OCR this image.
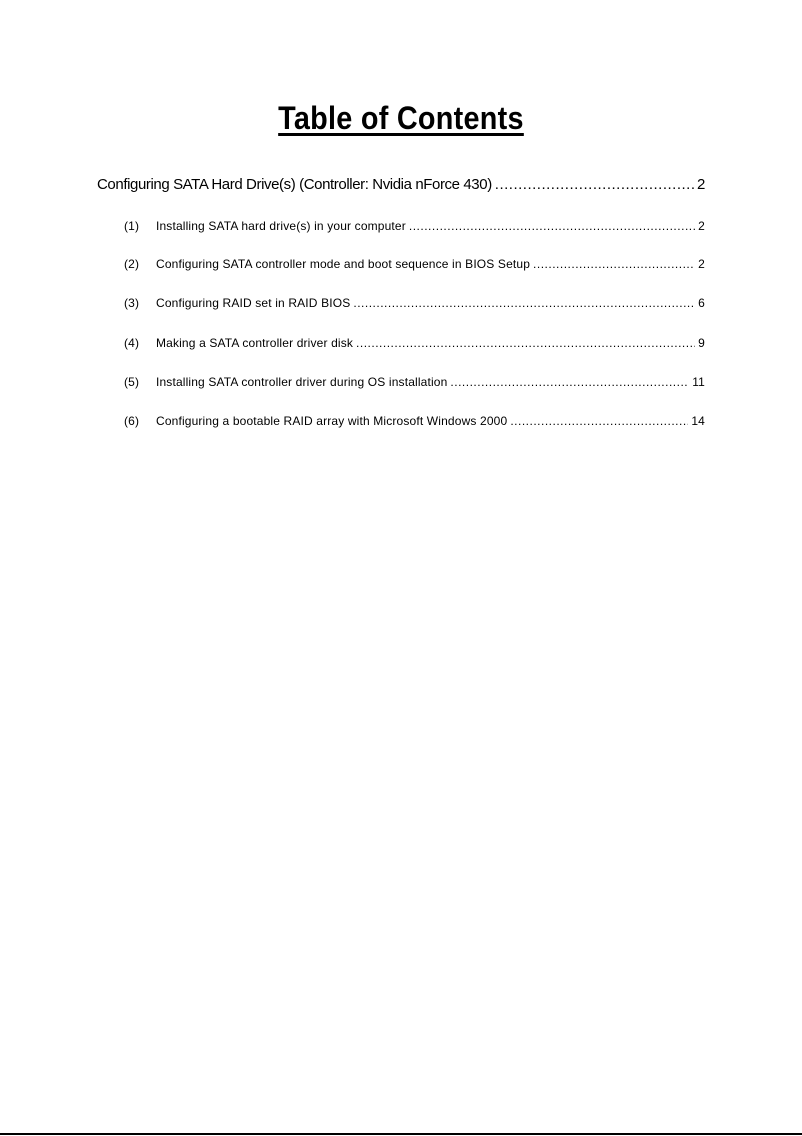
Table of Contents
Configuring SATA Hard Drive(s) (Controller: Nvidia nForce 430) .....	2
(1)	Installing SATA hard drive(s) in your computer .....	2
(2)	Configuring SATA controller mode and boot sequence in BIOS Setup .....	2
(3)	Configuring RAID set in RAID BIOS .....	6
(4)	Making a SATA controller driver disk .....	9
(5)	Installing SATA controller driver during OS installation .....	11
(6)	Configuring a bootable RAID array with Microsoft Windows 2000 .....	14
